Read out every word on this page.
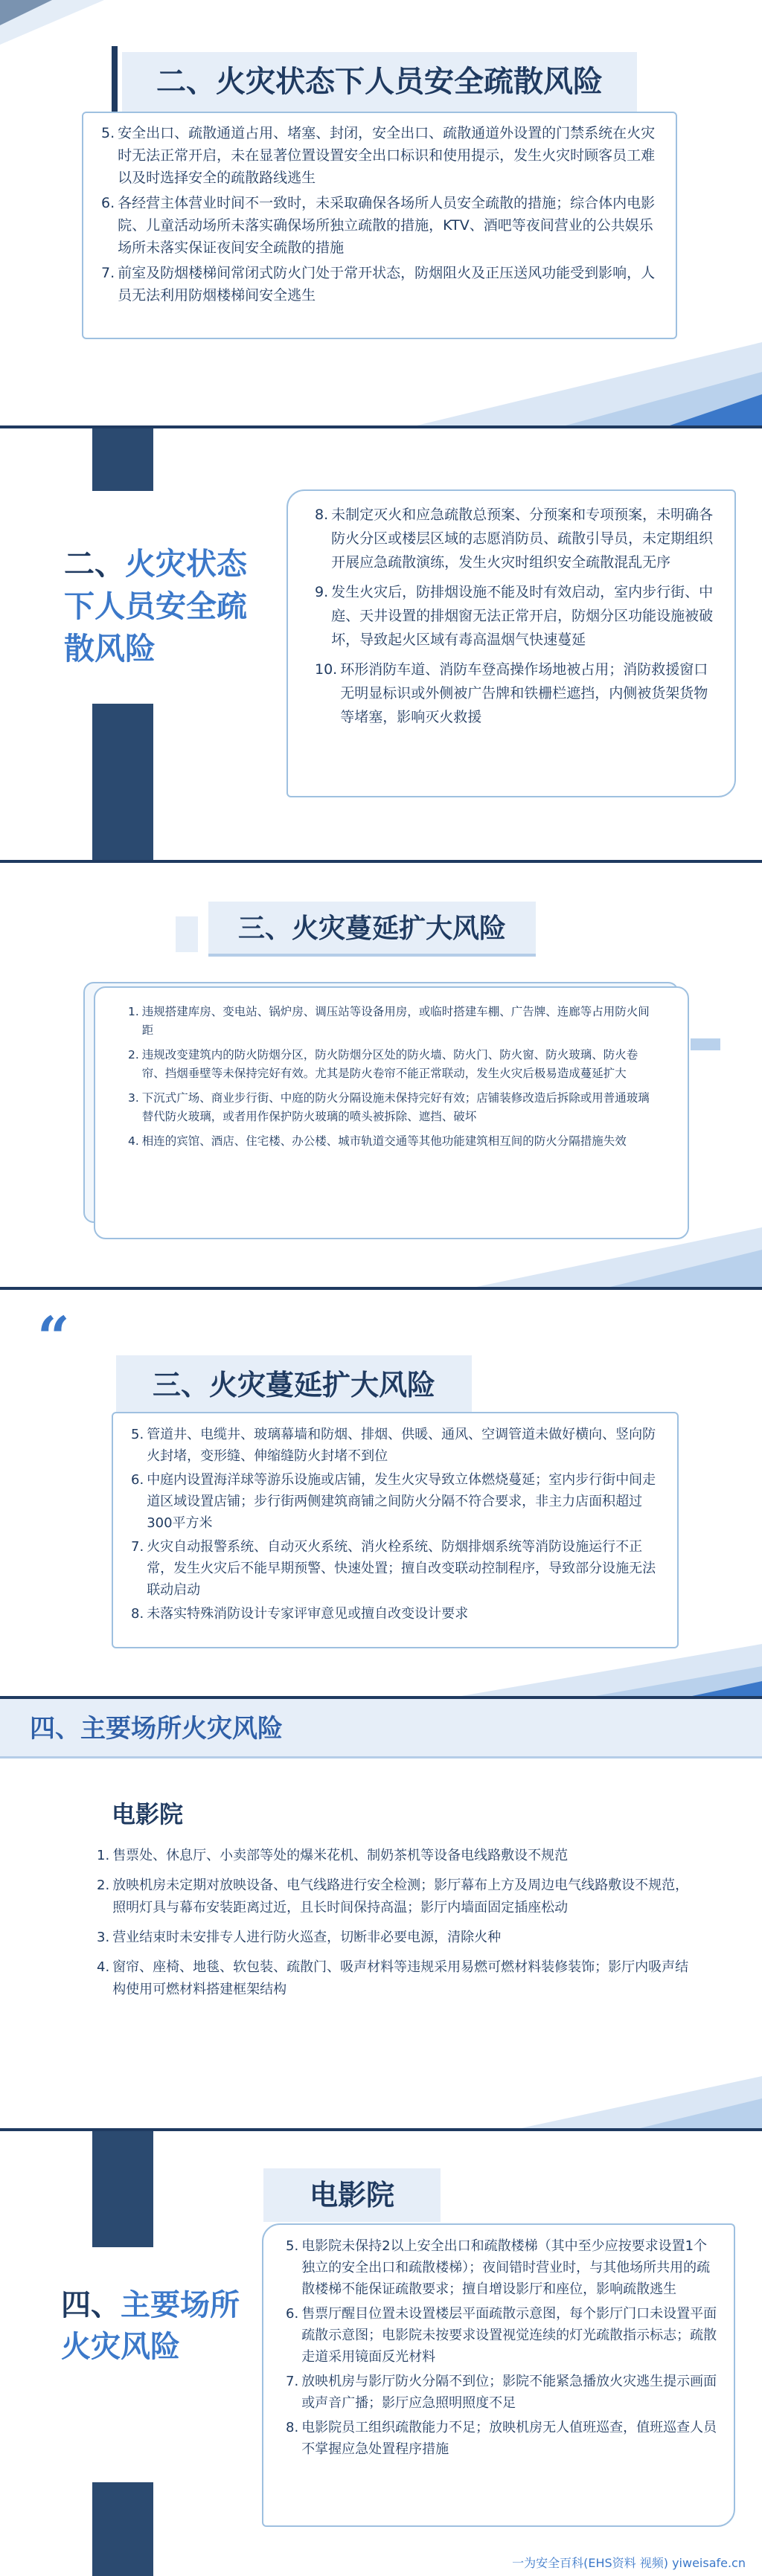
二、火灾状态下人员安全疏散风险
5. 安全出口、疏散通道占用、堵塞、封闭，安全出口、疏散通道外设置的门禁系统在火灾时无法正常开启，未在显著位置设置安全出口标识和使用提示，发生火灾时顾客员工难以及时选择安全的疏散路线逃生
6. 各经营主体营业时间不一致时，未采取确保各场所人员安全疏散的措施；综合体内电影院、儿童活动场所未落实确保场所独立疏散的措施，KTV、酒吧等夜间营业的公共娱乐场所未落实保证夜间安全疏散的措施
7. 前室及防烟楼梯间常闭式防火门处于常开状态，防烟阻火及正压送风功能受到影响，人员无法利用防烟楼梯间安全逃生
二、火灾状态下人员安全疏散风险
8. 未制定灭火和应急疏散总预案、分预案和专项预案，未明确各防火分区或楼层区域的志愿消防员、疏散引导员，未定期组织开展应急疏散演练，发生火灾时组织安全疏散混乱无序
9. 发生火灾后，防排烟设施不能及时有效启动，室内步行街、中庭、天井设置的排烟窗无法正常开启，防烟分区功能设施被破坏，导致起火区域有毒高温烟气快速蔓延
10. 环形消防车道、消防车登高操作场地被占用；消防救援窗口无明显标识或外侧被广告牌和铁栅栏遮挡，内侧被货架货物等堵塞，影响灭火救援
三、火灾蔓延扩大风险
1. 违规搭建库房、变电站、锅炉房、调压站等设备用房，或临时搭建车棚、广告牌、连廊等占用防火间距
2. 违规改变建筑内的防火防烟分区，防火防烟分区处的防火墙、防火门、防火窗、防火玻璃、防火卷帘、挡烟垂壁等未保持完好有效。尤其是防火卷帘不能正常联动，发生火灾后极易造成蔓延扩大
3. 下沉式广场、商业步行街、中庭的防火分隔设施未保持完好有效；店铺装修改造后拆除或用普通玻璃替代防火玻璃，或者用作保护防火玻璃的喷头被拆除、遮挡、破坏
4. 相连的宾馆、酒店、住宅楼、办公楼、城市轨道交通等其他功能建筑相互间的防火分隔措施失效
“
三、火灾蔓延扩大风险
5. 管道井、电缆井、玻璃幕墙和防烟、排烟、供暖、通风、空调管道未做好横向、竖向防火封堵，变形缝、伸缩缝防火封堵不到位
6. 中庭内设置海洋球等游乐设施或店铺，发生火灾导致立体燃烧蔓延；室内步行街中间走道区域设置店铺；步行街两侧建筑商铺之间防火分隔不符合要求，非主力店面积超过300平方米
7. 火灾自动报警系统、自动灭火系统、消火栓系统、防烟排烟系统等消防设施运行不正常，发生火灾后不能早期预警、快速处置；擅自改变联动控制程序，导致部分设施无法联动启动
8. 未落实特殊消防设计专家评审意见或擅自改变设计要求
四、主要场所火灾风险
电影院
1. 售票处、休息厅、小卖部等处的爆米花机、制奶茶机等设备电线路敷设不规范
2. 放映机房未定期对放映设备、电气线路进行安全检测；影厅幕布上方及周边电气线路敷设不规范，照明灯具与幕布安装距离过近，且长时间保持高温；影厅内墙面固定插座松动
3. 营业结束时未安排专人进行防火巡查，切断非必要电源，清除火种
4. 窗帘、座椅、地毯、软包装、疏散门、吸声材料等违规采用易燃可燃材料装修装饰；影厅内吸声结构使用可燃材料搭建框架结构
四、主要场所火灾风险
电影院
5. 电影院未保持2以上安全出口和疏散楼梯（其中至少应按要求设置1个独立的安全出口和疏散楼梯）；夜间错时营业时，与其他场所共用的疏散楼梯不能保证疏散要求；擅自增设影厅和座位，影响疏散逃生
6. 售票厅醒目位置未设置楼层平面疏散示意图，每个影厅门口未设置平面疏散示意图；电影院未按要求设置视觉连续的灯光疏散指示标志；疏散走道采用镜面反光材料
7. 放映机房与影厅防火分隔不到位；影院不能紧急播放火灾逃生提示画面或声音广播；影厅应急照明照度不足
8. 电影院员工组织疏散能力不足；放映机房无人值班巡查，值班巡查人员不掌握应急处置程序措施
一为安全百科(EHS资料 视频) yiweisafe.cn
